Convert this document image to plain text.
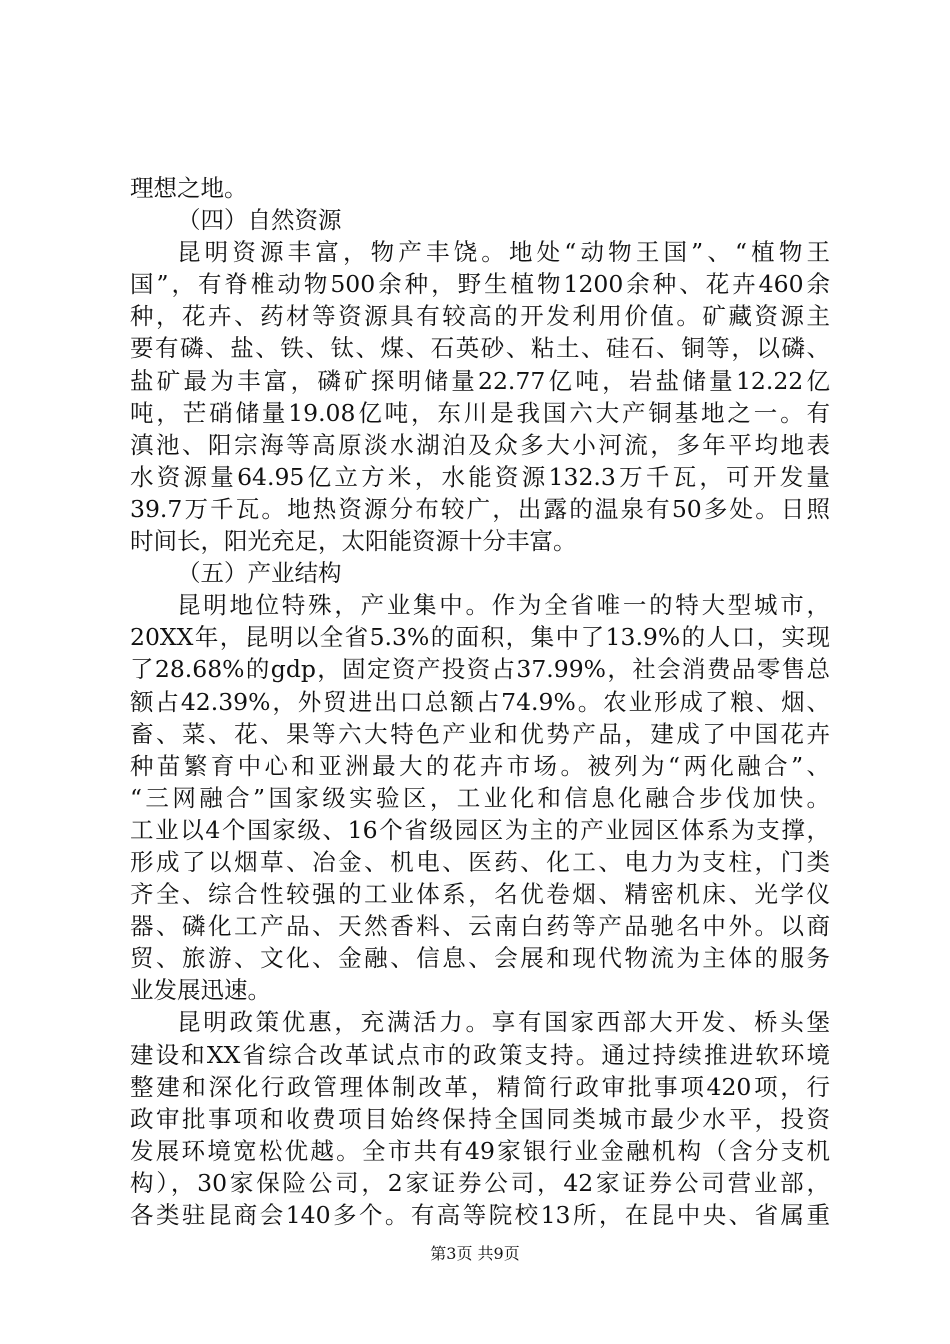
理想之地。
（四）自然资源
昆明资源丰富，物产丰饶。地处“动物王国”、“植物王
国”，有脊椎动物500余种，野生植物1200余种、花卉460余
种，花卉、药材等资源具有较高的开发利用价值。矿藏资源主
要有磷、盐、铁、钛、煤、石英砂、粘土、硅石、铜等，以磷、
盐矿最为丰富，磷矿探明储量22.77亿吨，岩盐储量12.22亿
吨，芒硝储量19.08亿吨，东川是我国六大产铜基地之一。有
滇池、阳宗海等高原淡水湖泊及众多大小河流，多年平均地表
水资源量64.95亿立方米，水能资源132.3万千瓦，可开发量
39.7万千瓦。地热资源分布较广，出露的温泉有50多处。日照
时间长，阳光充足，太阳能资源十分丰富。
（五）产业结构
昆明地位特殊，产业集中。作为全省唯一的特大型城市，
20XX年，昆明以全省5.3%的面积，集中了13.9%的人口，实现
了28.68%的gdp，固定资产投资占37.99%，社会消费品零售总
额占42.39%，外贸进出口总额占74.9%。农业形成了粮、烟、
畜、菜、花、果等六大特色产业和优势产品，建成了中国花卉
种苗繁育中心和亚洲最大的花卉市场。被列为“两化融合”、
“三网融合”国家级实验区，工业化和信息化融合步伐加快。
工业以4个国家级、16个省级园区为主的产业园区体系为支撑，
形成了以烟草、冶金、机电、医药、化工、电力为支柱，门类
齐全、综合性较强的工业体系，名优卷烟、精密机床、光学仪
器、磷化工产品、天然香料、云南白药等产品驰名中外。以商
贸、旅游、文化、金融、信息、会展和现代物流为主体的服务
业发展迅速。
昆明政策优惠，充满活力。享有国家西部大开发、桥头堡
建设和XX省综合改革试点市的政策支持。通过持续推进软环境
整建和深化行政管理体制改革，精简行政审批事项420项，行
政审批事项和收费项目始终保持全国同类城市最少水平，投资
发展环境宽松优越。全市共有49家银行业金融机构（含分支机
构），30家保险公司，2家证券公司，42家证券公司营业部，
各类驻昆商会140多个。有高等院校13所，在昆中央、省属重
第3页 共9页
